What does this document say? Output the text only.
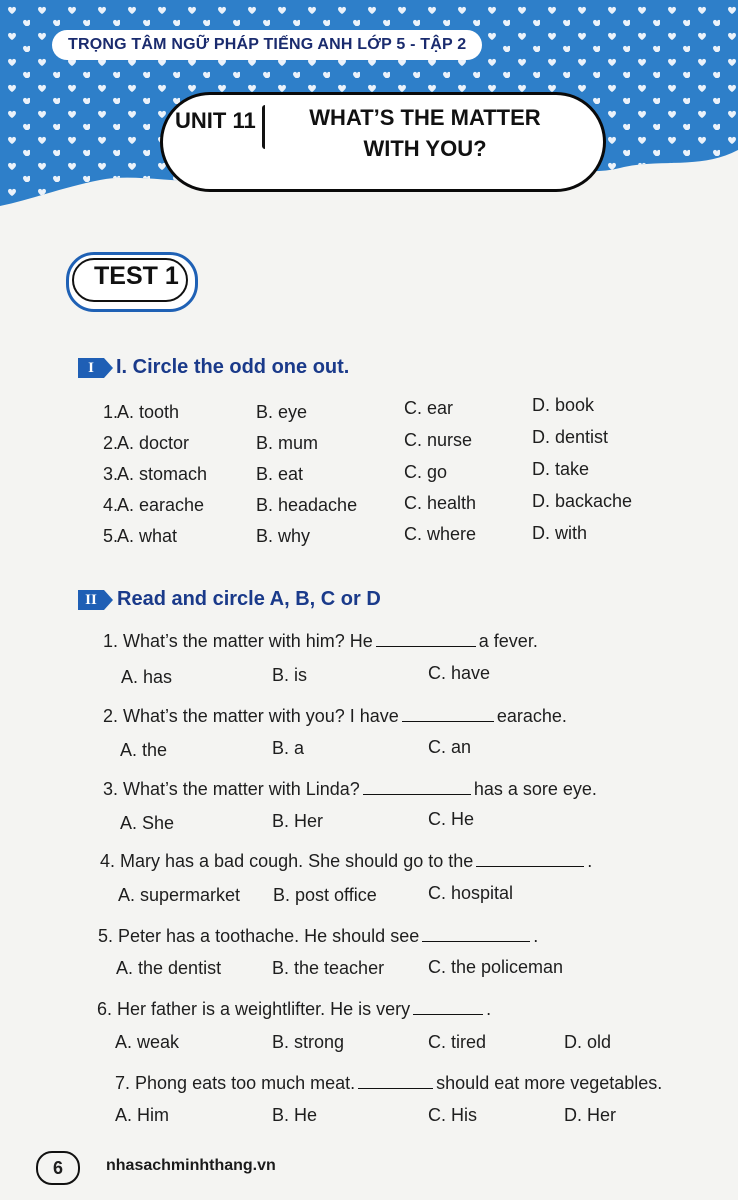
TRỌNG TÂM NGỮ PHÁP TIẾNG ANH LỚP 5 - TẬP 2
UNIT 11	WHAT’S THE MATTER
WITH YOU?
TEST 1
I	I. Circle the odd one out.
1.
A. tooth	B. eye	C. ear	D. book
2.
A. doctor	B. mum	C. nurse	D. dentist
3.
A. stomach	B. eat	C. go	D. take
4.
A. earache	B. headache	C. health	D. backache
5.
A. what	B. why	C. where	D. with
II	Read and circle A, B, C or D
1. What’s the matter with him? He	a fever.
A. has	B. is	C. have
2. What’s the matter with you? I have	earache.
A. the	B. a	C. an
3. What’s the matter with Linda?	has a sore eye.
A. She	B. Her	C. He
4. Mary has a bad cough. She should go to the	.
A. supermarket B. post office	C. hospital
5. Peter has a toothache. He should see	.
A. the dentist	B. the teacher C. the policeman
6. Her father is a weightlifter. He is very	.
A. weak	B. strong	C. tired	D. old
7. Phong eats too much meat.	should eat more vegetables.
A. Him	B. He	C. His	D. Her
6	nhasachminhthang.vn
